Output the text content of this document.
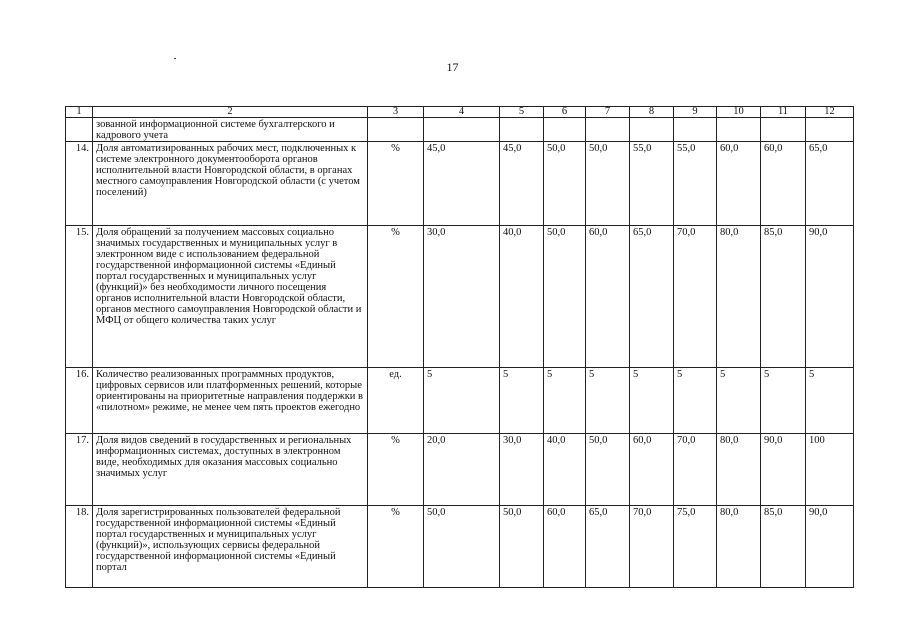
17
1	2	3	4	5	6	7	8	9	10	11	12
	зованной информационной системе бухгалтерского и кадрового учета										
14.	Доля автоматизированных рабочих мест, подключенных к системе электронного документооборота органов исполнительной власти Новгородской области, в органах местного самоуправления Новгородской области (с учетом поселений)	%	45,0	45,0	50,0	50,0	55,0	55,0	60,0	60,0	65,0
15.	Доля обращений за получением массовых социально значимых государственных и муниципальных услуг в электронном виде с использованием федеральной государственной информационной системы «Единый портал государственных и муниципальных услуг (функций)» без необходимости личного посещения органов исполнительной власти Новгородской области, органов местного самоуправления Новгородской области и МФЦ от общего количества таких услуг	%	30,0	40,0	50,0	60,0	65,0	70,0	80,0	85,0	90,0
16.	Количество реализованных программных продуктов, цифровых сервисов или платформенных решений, которые ориентированы на приоритетные направления поддержки в «пилотном» режиме, не менее чем пять проектов ежегодно	ед.	5	5	5	5	5	5	5	5	5
17.	Доля видов сведений в государственных и региональных информационных системах, доступных в электронном виде, необходимых для оказания массовых социально значимых услуг	%	20,0	30,0	40,0	50,0	60,0	70,0	80,0	90,0	100
18.	Доля зарегистрированных пользователей федеральной государственной информационной системы «Единый портал государственных и муниципальных услуг (функций)», использующих сервисы федеральной государственной информационной системы «Единый портал	%	50,0	50,0	60,0	65,0	70,0	75,0	80,0	85,0	90,0
